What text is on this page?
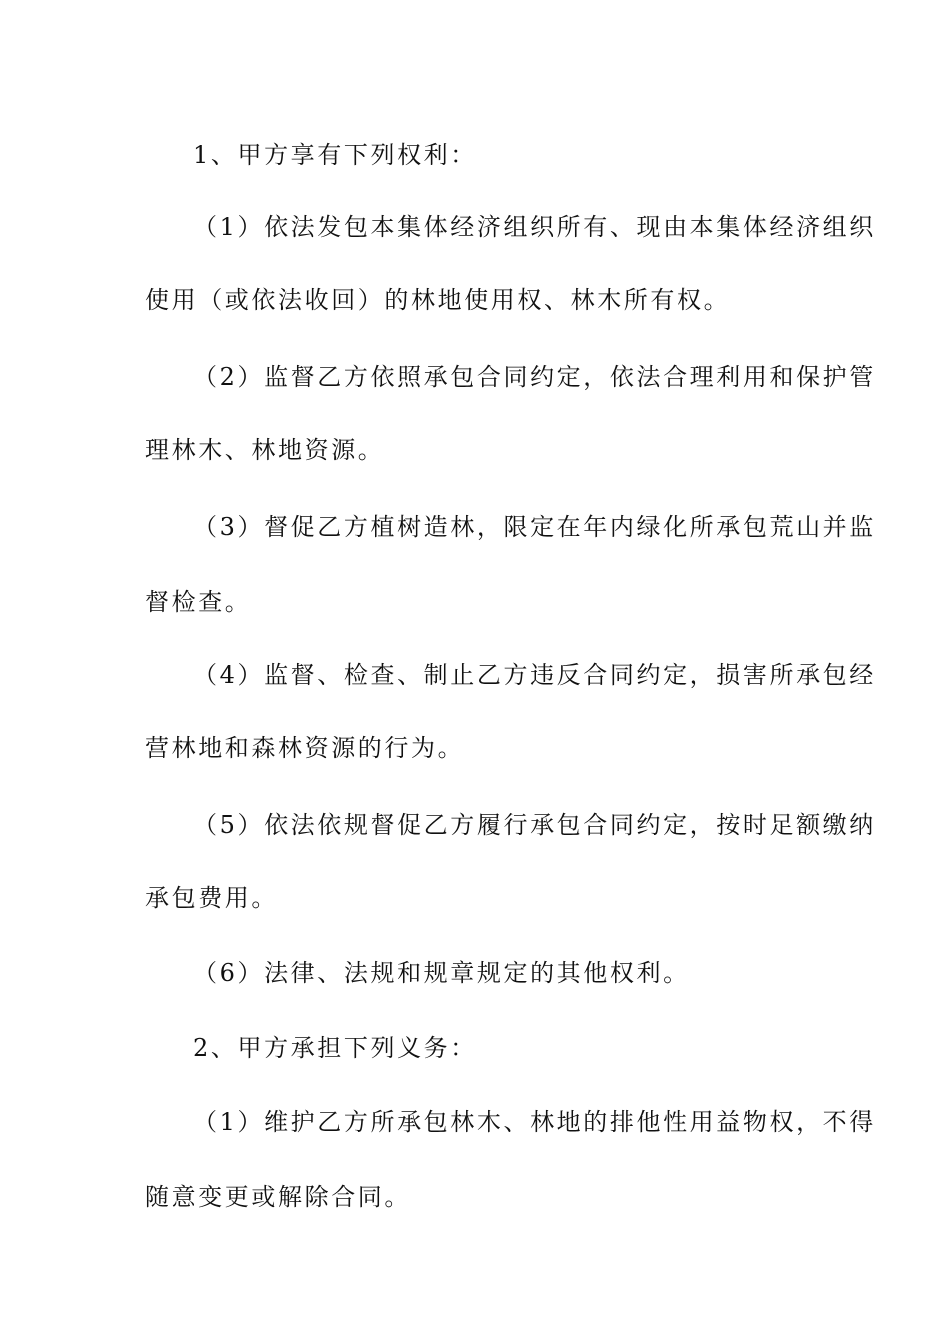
1、甲方享有下列权利：
（1）依法发包本集体经济组织所有、现由本集体经济组织
使用（或依法收回）的林地使用权、林木所有权。
（2）监督乙方依照承包合同约定，依法合理利用和保护管
理林木、林地资源。
（3）督促乙方植树造林，限定在年内绿化所承包荒山并监
督检查。
（4）监督、检查、制止乙方违反合同约定，损害所承包经
营林地和森林资源的行为。
（5）依法依规督促乙方履行承包合同约定，按时足额缴纳
承包费用。
（6）法律、法规和规章规定的其他权利。
2、甲方承担下列义务：
（1）维护乙方所承包林木、林地的排他性用益物权，不得
随意变更或解除合同。
